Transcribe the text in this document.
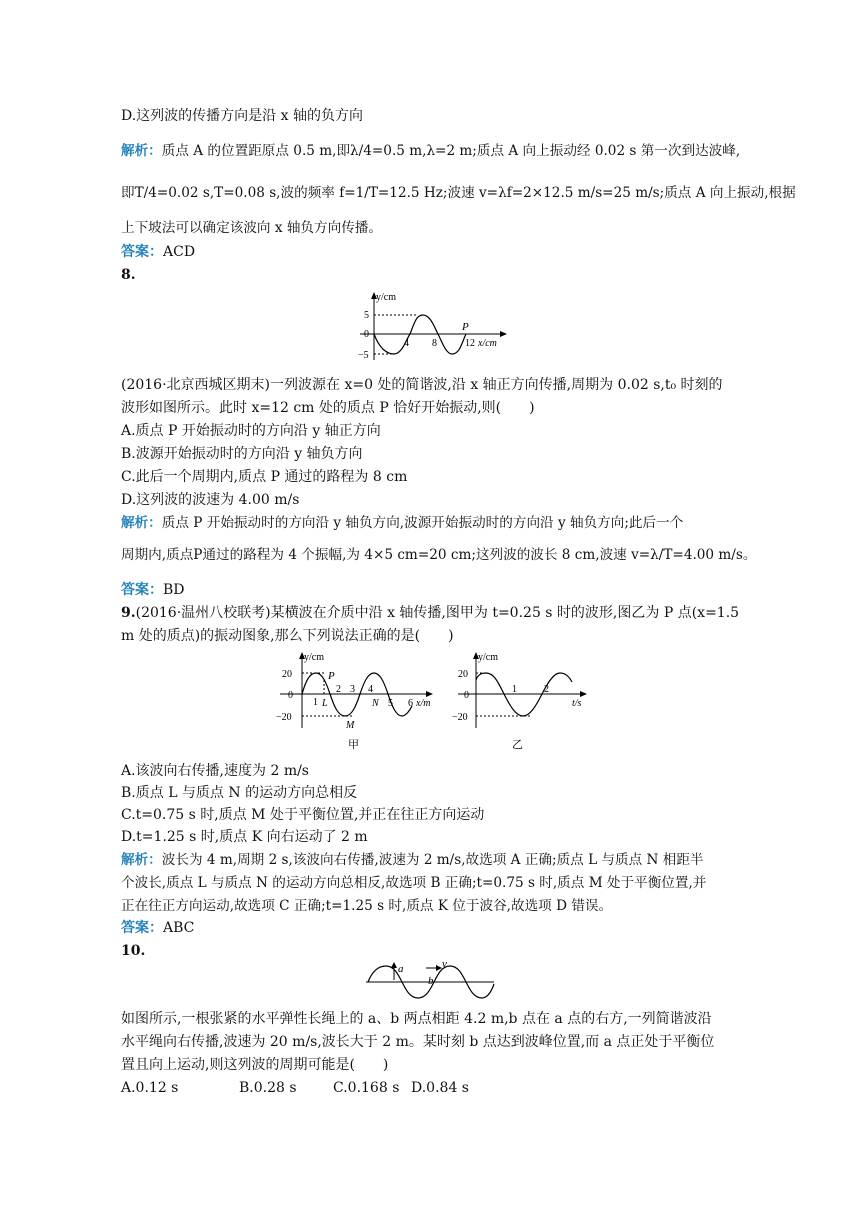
D.这列波的传播方向是沿 x 轴的负方向
解析：质点 A 的位置距原点 0.5 m,即λ/4=0.5 m,λ=2 m;质点 A 向上振动经 0.02 s 第一次到达波峰,
即T/4=0.02 s,T=0.08 s,波的频率 f=1/T=12.5 Hz;波速 v=λf=2×12.5 m/s=25 m/s;质点 A 向上振动,根据
上下坡法可以确定该波向 x 轴负方向传播。
答案：ACD
8.
y/cm
5
0
−5
4 8	12
P
x/cm
(2016·北京西城区期末)一列波源在 x=0 处的简谐波,沿 x 轴正方向传播,周期为 0.02 s,t₀ 时刻的
波形如图所示。此时 x=12 cm 处的质点 P 恰好开始振动,则(　　)
A.质点 P 开始振动时的方向沿 y 轴正方向
B.波源开始振动时的方向沿 y 轴负方向
C.此后一个周期内,质点 P 通过的路程为 8 cm
D.这列波的波速为 4.00 m/s
解析：质点 P 开始振动时的方向沿 y 轴负方向,波源开始振动时的方向沿 y 轴负方向;此后一个
周期内,质点P通过的路程为 4 个振幅,为 4×5 cm=20 cm;这列波的波长 8 cm,波速 v=λ/T=4.00 m/s。
答案：BD
9.(2016·温州八校联考)某横波在介质中沿 x 轴传播,图甲为 t=0.25 s 时的波形,图乙为 P 点(x=1.5
m 处的质点)的振动图象,那么下列说法正确的是(　　)
y/cm
20
0
−20
1 L
2 3 4
N 5 6 x/m
P
M
甲
y/cm
20
0
−20
1	2
t/s
乙
A.该波向右传播,速度为 2 m/s
B.质点 L 与质点 N 的运动方向总相反
C.t=0.75 s 时,质点 M 处于平衡位置,并正在往正方向运动
D.t=1.25 s 时,质点 K 向右运动了 2 m
解析：波长为 4 m,周期 2 s,该波向右传播,波速为 2 m/s,故选项 A 正确;质点 L 与质点 N 相距半
个波长,质点 L 与质点 N 的运动方向总相反,故选项 B 正确;t=0.75 s 时,质点 M 处于平衡位置,并
正在往正方向运动,故选项 C 正确;t=1.25 s 时,质点 K 位于波谷,故选项 D 错误。
答案：ABC
10.
a
b
v
如图所示,一根张紧的水平弹性长绳上的 a、b 两点相距 4.2 m,b 点在 a 点的右方,一列简谐波沿
水平绳向右传播,波速为 20 m/s,波长大于 2 m。某时刻 b 点达到波峰位置,而 a 点正处于平衡位
置且向上运动,则这列波的周期可能是(　　)
A.0.12 s	B.0.28 s	C.0.168 s D.0.84 s
